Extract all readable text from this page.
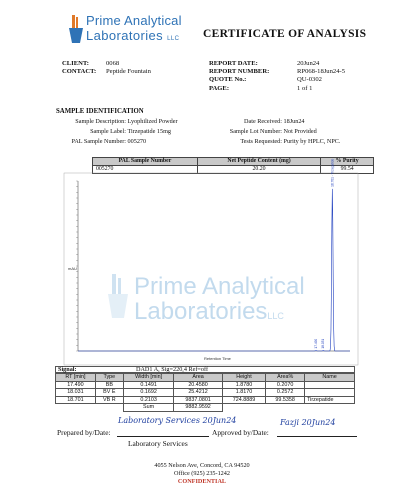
Prime Analytical
LaboratoriesLLC
Prime Analytical
Laboratories LLC CERTIFICATE OF ANALYSIS
CLIENT:	0068
CONTACT: Peptide Fountain
REPORT DATE:	20Jun24
REPORT NUMBER:	RP068-18Jun24-5
QUOTE No.:	QU-0302
PAGE:	1 of 1
SAMPLE IDENTIFICATION
Sample Description: Lyophilized Powder
Sample Label: Tirzepatide 15mg
PAL Sample Number: 005270
Date Received: 18Jun24
Sample Lot Number: Not Provided
Tests Requested: Purity by HPLC, NPC.
PAL Sample Number	Net Peptide Content (mg)	% Purity
005270	20.20	99.54
mAU
Retention Time
17.490 18.031
18.701 - Tirzepatide
Signal:	DAD1 A, Sig=220,4 Ref=off
RT [min]	Type	Width [min]	Area	Height	Area%	Name
17.490	BB	0.1491	20.4580	1.8780	0.2070	
18.031	BV E	0.1692	25.4212	1.8170	0.2572	
18.701	VB R	0.2103	9837.0801	724.8889	99.5358	Tirzepatide
		Sum	9882.9592			
Prepared by/Date:
Laboratory Services 20Jun24
Laboratory Services
Approved by/Date:
Fazji 20Jun24
4055 Nelson Ave, Concord, CA 94520
Office (925) 235-1242
CONFIDENTIAL
